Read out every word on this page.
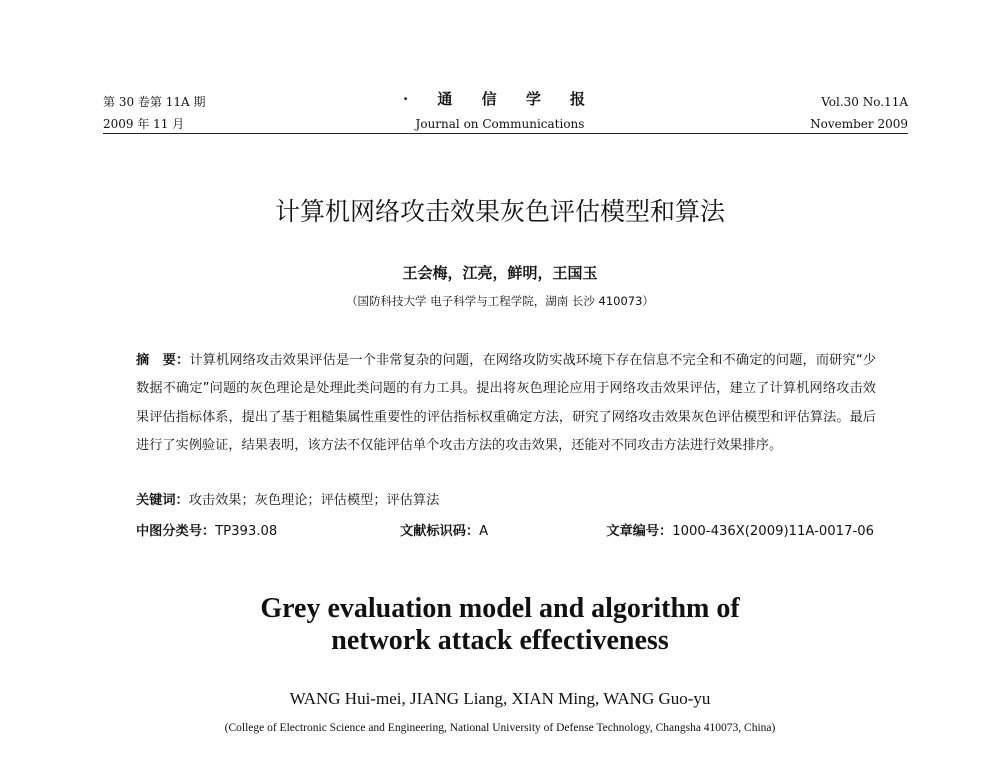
第 30 卷第 11A 期
2009 年 11 月
· 通 信 学 报
Journal on Communications
Vol.30 No.11A
November 2009
计算机网络攻击效果灰色评估模型和算法
王会梅，江亮，鲜明，王国玉
（国防科技大学 电子科学与工程学院，湖南 长沙 410073）
摘　要：计算机网络攻击效果评估是一个非常复杂的问题，在网络攻防实战环境下存在信息不完全和不确定的问题，而研究“少数据不确定”问题的灰色理论是处理此类问题的有力工具。提出将灰色理论应用于网络攻击效果评估，建立了计算机网络攻击效果评估指标体系，提出了基于粗糙集属性重要性的评估指标权重确定方法，研究了网络攻击效果灰色评估模型和评估算法。最后进行了实例验证，结果表明，该方法不仅能评估单个攻击方法的攻击效果，还能对不同攻击方法进行效果排序。
关键词：攻击效果；灰色理论；评估模型；评估算法
中图分类号：TP393.08	文献标识码：A	文章编号：1000-436X(2009)11A-0017-06
Grey evaluation model and algorithm of
network attack effectiveness
WANG Hui-mei, JIANG Liang, XIAN Ming, WANG Guo-yu
(College of Electronic Science and Engineering, National University of Defense Technology, Changsha 410073, China)
